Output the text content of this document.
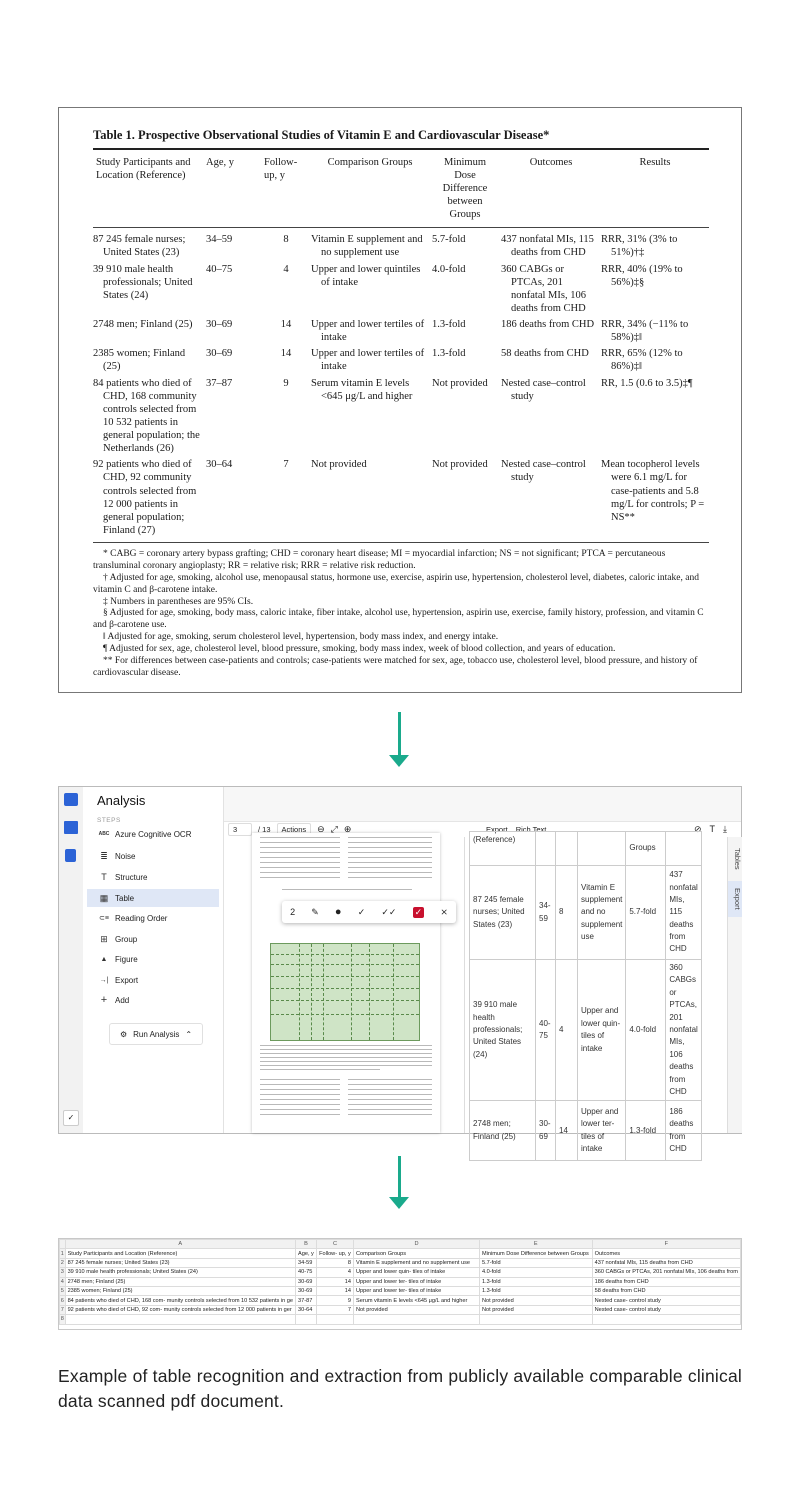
Table 1. Prospective Observational Studies of Vitamin E and Cardiovascular Disease*
Study Participants and Location (Reference)	Age, y	Follow-up, y	Comparison Groups	Minimum Dose Difference between Groups	Outcomes	Results

87 245 female nurses; United States (23)	34–59	8	Vitamin E supplement and no supplement use	5.7-fold	437 nonfatal MIs, 115 deaths from CHD	RRR, 31% (3% to 51%)†‡
39 910 male health professionals; United States (24)	40–75	4	Upper and lower quintiles of intake	4.0-fold	360 CABGs or PTCAs, 201 nonfatal MIs, 106 deaths from CHD	RRR, 40% (19% to 56%)‡§
2748 men; Finland (25)	30–69	14	Upper and lower tertiles of intake	1.3-fold	186 deaths from CHD	RRR, 34% (−11% to 58%)‡‖
2385 women; Finland (25)	30–69	14	Upper and lower tertiles of intake	1.3-fold	58 deaths from CHD	RRR, 65% (12% to 86%)‡‖
84 patients who died of CHD, 168 community controls selected from 10 532 patients in general population; the Netherlands (26)	37–87	9	Serum vitamin E levels <645 μg/L and higher	Not provided	Nested case–control study	RR, 1.5 (0.6 to 3.5)‡¶
92 patients who died of CHD, 92 community controls selected from 12 000 patients in general population; Finland (27)	30–64	7	Not provided	Not provided	Nested case–control study	Mean tocopherol levels were 6.1 mg/L for case-patients and 5.8 mg/L for controls; P = NS**

* CABG = coronary artery bypass grafting; CHD = coronary heart disease; MI = myocardial infarction; NS = not significant; PTCA = percutaneous transluminal coronary angioplasty; RR = relative risk; RRR = relative risk reduction.

† Adjusted for age, smoking, alcohol use, menopausal status, hormone use, exercise, aspirin use, hypertension, cholesterol level, diabetes, caloric intake, and vitamin C and β-carotene intake.

‡ Numbers in parentheses are 95% CIs.

§ Adjusted for age, smoking, body mass, caloric intake, fiber intake, alcohol use, hypertension, aspirin use, exercise, family history, profession, and vitamin C and β-carotene use.

‖ Adjusted for age, smoking, serum cholesterol level, hypertension, body mass index, and energy intake.

¶ Adjusted for sex, age, cholesterol level, blood pressure, smoking, body mass index, week of blood collection, and years of education.

** For differences between case-patients and controls; case-patients were matched for sex, age, tobacco use, cholesterol level, blood pressure, and history of cardiovascular disease.

✓
Analysis
STEPS
ABC Azure Cognitive OCR
≣ Noise
T	Structure
▦ Table
⊂≡ Reading Order
⊞ Group
▲ Figure
→| Export
+ Add
⚙ Run Analysis ⌃
3	/ 13	Actions	⊖ ⤢ ⊕
2 ✎ ● ✓ ✓✓ ✓ ⨯
Export Rich Text	⊘ T ⤓
(Reference)				Groups	
87 245 female nurses; United States (23)	34-59	8	Vitamin E supplement and no supplement use	5.7-fold	437 nonfatal MIs, 115 deaths from CHD
39 910 male health professionals; United States (24)	40-75	4	Upper and lower quin- tiles of intake	4.0-fold	360 CABGs or PTCAs, 201 nonfatal MIs, 106 deaths from CHD
2748 men; Finland (25)	30-69	14	Upper and lower ter- tiles of intake	1.3-fold	186 deaths from CHD
Tables
Export
	A	B	C	D	E	F
1	Study Participants and Location (Reference)	Age, y	Follow- up, y	Comparison Groups	Minimum Dose Difference between Groups	Outcomes
2	87 245 female nurses; United States (23)	34-59	8	Vitamin E supplement and no supplement use	5.7-fold	437 nonfatal MIs, 115 deaths from CHD
3	39 910 male health professionals; United States (24)	40-75	4	Upper and lower quin- tiles of intake	4.0-fold	360 CABGs or PTCAs, 201 nonfatal MIs, 106 deaths from
4	2748 men; Finland (25)	30-69	14	Upper and lower ter- tiles of intake	1.3-fold	186 deaths from CHD
5	2385 women; Finland (25)	30-69	14	Upper and lower ter- tiles of intake	1.3-fold	58 deaths from CHD
6	84 patients who died of CHD, 168 com- munity controls selected from 10 532 patients in ge	37-87	9	Serum vitamin E levels <645 μg/L and higher	Not provided	Nested case- control study
7	92 patients who died of CHD, 92 com- munity controls selected from 12 000 patients in ger	30-64	7	Not provided	Not provided	Nested case- control study
8						
Example of table recognition and extraction from publicly available comparable clinical data scanned pdf document.
